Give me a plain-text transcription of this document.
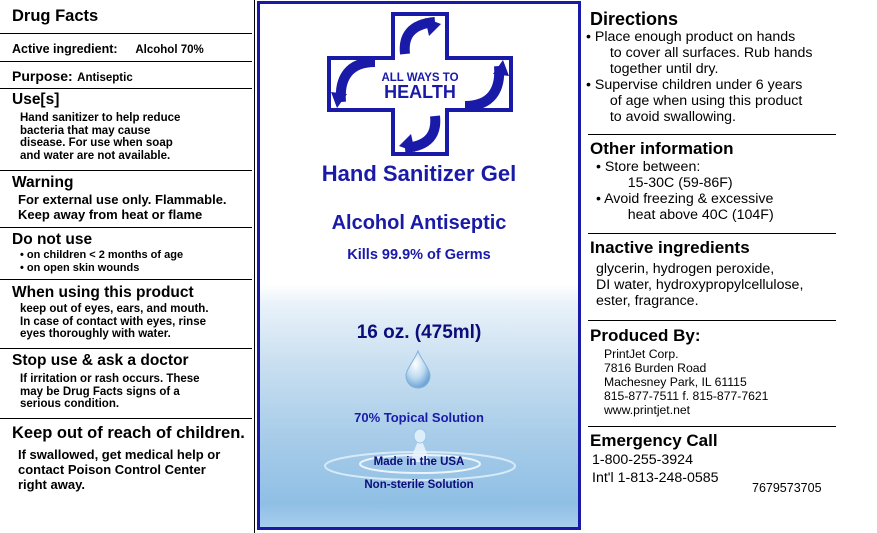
Drug Facts
Active ingredient: Alcohol 70%
Purpose: Antiseptic
Use[s]
Hand sanitizer to help reduce
bacteria that may cause
disease. For use when soap
and water are not available.
Warning
For external use only. Flammable.
Keep away from heat or flame
Do not use
• on children < 2 months of age
• on open skin wounds
When using this product
keep out of eyes, ears, and mouth.
In case of contact with eyes, rinse
eyes thoroughly with water.
Stop use & ask a doctor
If irritation or rash occurs. These
may be Drug Facts signs of a
serious condition.
Keep out of reach of children.
If swallowed, get medical help or
contact Poison Control Center
right away.
ALL WAYS TO
HEALTH
Hand Sanitizer Gel
Alcohol Antiseptic
Kills 99.9% of Germs
16 oz. (475ml)
70% Topical Solution
Made in the USA
Non-sterile Solution
Directions
• Place enough product on hands
to cover all surfaces. Rub hands
together until dry.
• Supervise children under 6 years
of age when using this product
to avoid swallowing.
Other information
• Store between:
15-30C (59-86F)
• Avoid freezing & excessive
heat above 40C (104F)
Inactive ingredients
glycerin, hydrogen peroxide,
DI water, hydroxypropylcellulose,
ester, fragrance.
Produced By:
PrintJet Corp.
7816 Burden Road
Machesney Park, IL 61115
815-877-7511 f. 815-877-7621
www.printjet.net
Emergency Call
1-800-255-3924
Int'l 1-813-248-0585
7679573705
